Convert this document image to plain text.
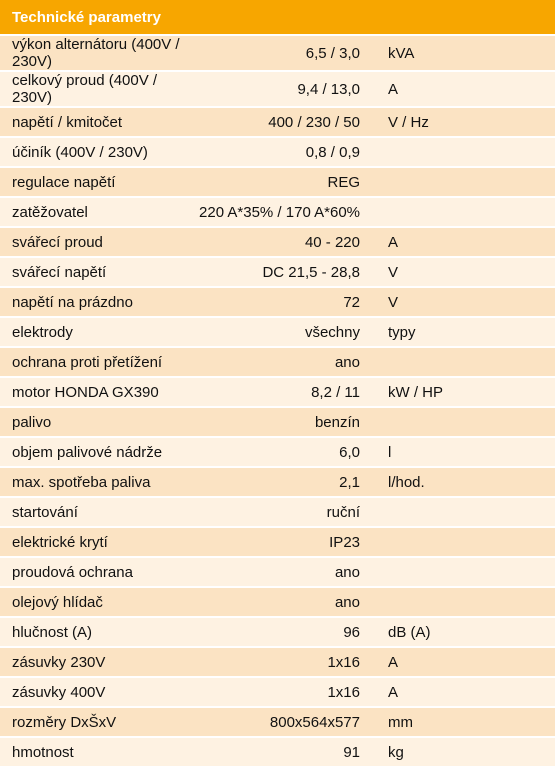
Technické parametry		
výkon alternátoru (400V / 230V)	6,5 / 3,0	kVA
celkový proud (400V / 230V)	9,4 / 13,0	A
napětí / kmitočet	400 / 230 / 50	V / Hz
účiník (400V / 230V)	0,8 / 0,9	
regulace napětí	REG	
zatěžovatel	220 A*35% / 170 A*60%	
svářecí proud	40 - 220	A
svářecí napětí	DC 21,5 - 28,8	V
napětí na prázdno	72	V
elektrody	všechny	typy
ochrana proti přetížení	ano	
motor HONDA GX390	8,2 / 11	kW / HP
palivo	benzín	
objem palivové nádrže	6,0	l
max. spotřeba paliva	2,1	l/hod.
startování	ruční	
elektrické krytí	IP23	
proudová ochrana	ano	
olejový hlídač	ano	
hlučnost (A)	96	dB (A)
zásuvky 230V	1x16	A
zásuvky 400V	1x16	A
rozměry DxŠxV	800x564x577	mm
hmotnost	91	kg
